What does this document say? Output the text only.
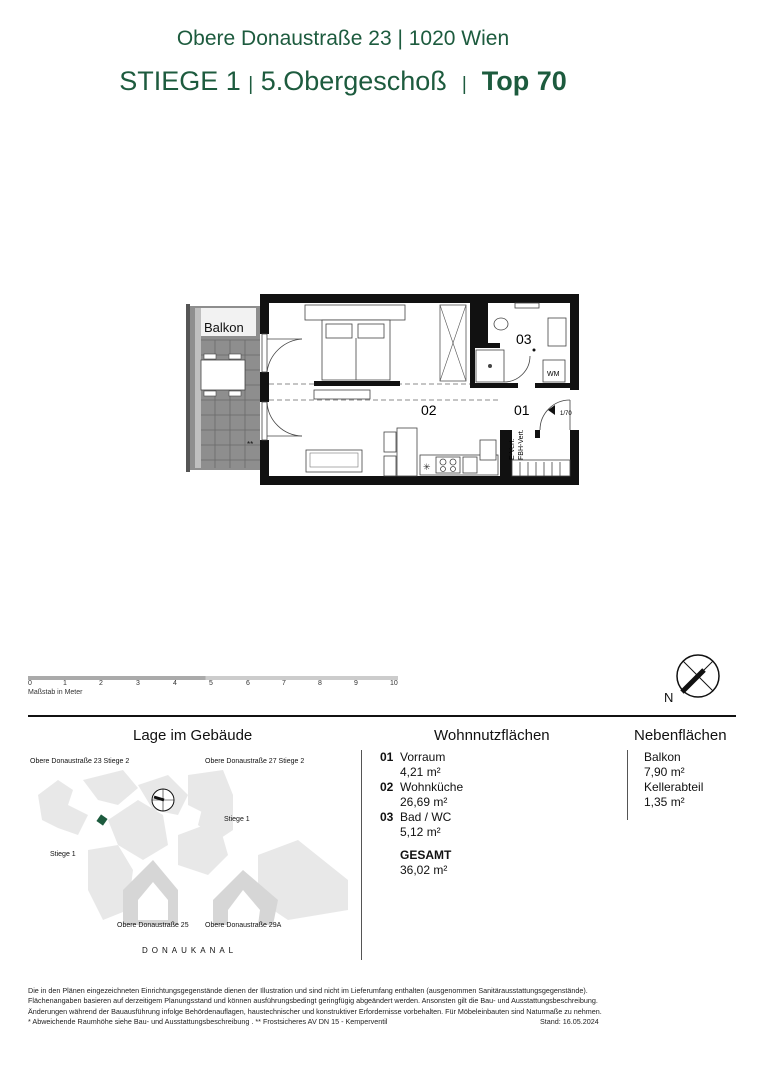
Obere Donaustraße 23 | 1020 Wien
STIEGE 1 | 5.Obergeschoß | Top 70
Balkon
**
✳
02	01
03
WM
1/70
E-Vert. FBH-Vert.
0	1	2	3	4	5	6	7	8	9	10
Maßstab in Meter	N
Lage im Gebäude	Wohnnutzflächen	Nebenflächen
Obere Donaustraße 23 Stiege 2	Obere Donaustraße 27 Stiege 2
Stiege 1
Stiege 1
Obere Donaustraße 25 Obere Donaustraße 29A
DONAUKANAL
01 Vorraum
4,21 m²
02 Wohnküche
26,69 m²
03 Bad / WC
5,12 m²
GESAMT
36,02 m²
Balkon
7,90 m²
Kellerabteil
1,35 m²
Die in den Plänen eingezeichneten Einrichtungsgegenstände dienen der Illustration und sind nicht im Lieferumfang enthalten (ausgenommen Sanitärausstattungsgegenstände).
Flächenangaben basieren auf derzeitigem Planungsstand und können ausführungsbedingt geringfügig abgeändert werden. Ansonsten gilt die Bau- und Ausstattungsbeschreibung.
Änderungen während der Bauausführung infolge Behördenauflagen, haustechnischer und konstruktiver Erfordernisse vorbehalten. Für Möbeleinbauten sind Naturmaße zu nehmen.
* Abweichende Raumhöhe siehe Bau- und Ausstattungsbeschreibung . ** Frostsicheres AV DN 15 - Kemperventil	Stand: 16.05.2024
